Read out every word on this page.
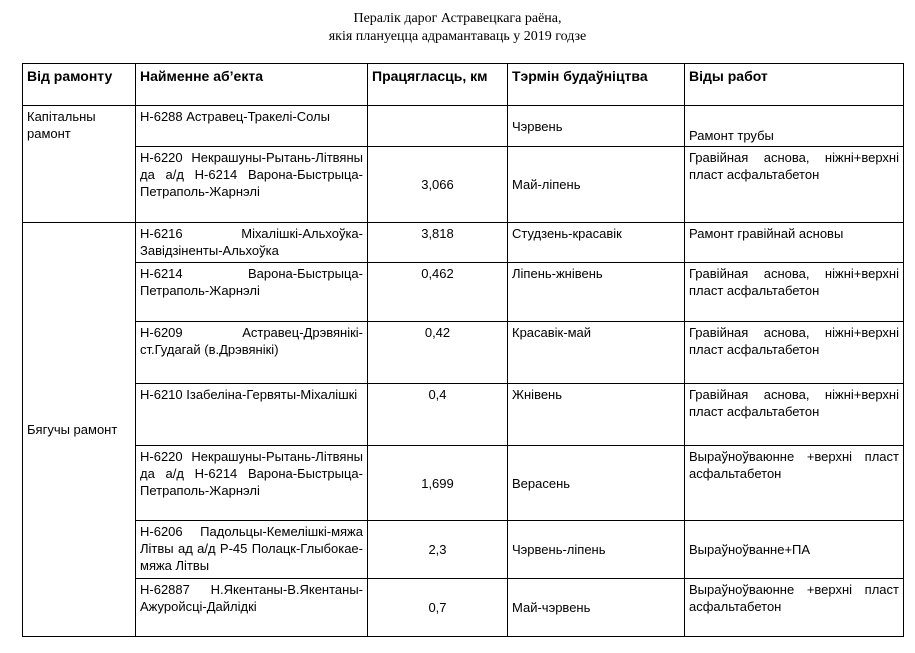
Пералік дарог Астравецкага раёна,
якія плануецца адрамантаваць у 2019 годзе
Від рамонту	Найменне аб’екта	Працягласць, км	Тэрмін будаўніцтва	Віды работ
Капітальны рамонт	Н-6288 Астравец-Тракелі-Солы		Чэрвень	Рамонт трубы
	Н-6220 Некрашуны-Рытань-Літвяны да а/д Н-6214 Варона-Быстрыца-Петраполь-Жарнэлі	3,066	Май-ліпень	Гравійная аснова, ніжні+верхні пласт асфальтабетон
Бягучы рамонт	Н-6216 Міхалішкі-Альхоўка-Завідзіненты-Альхоўка	3,818	Студзень-красавік	Рамонт гравійнай асновы
	Н-6214 Варона-Быстрыца-Петраполь-Жарнэлі	0,462	Ліпень-жнівень	Гравійная аснова, ніжні+верхні пласт асфальтабетон
	Н-6209 Астравец-Дрэвянікі-ст.Гудагай (в.Дрэвянікі)	0,42	Красавік-май	Гравійная аснова, ніжні+верхні пласт асфальтабетон
	Н-6210 Ізабеліна-Гервяты-Міхалішкі	0,4	Жнівень	Гравійная аснова, ніжні+верхні пласт асфальтабетон
	Н-6220 Некрашуны-Рытань-Літвяны да а/д Н-6214 Варона-Быстрыца-Петраполь-Жарнэлі	1,699	Верасень	Выраўноўваюнне +верхні пласт асфальтабетон
	Н-6206 Падольцы-Кемелішкі-мяжа Літвы ад а/д Р-45 Полацк-Глыбокае-мяжа Літвы	2,3	Чэрвень-ліпень	Выраўноўванне+ПА
	Н-62887 Н.Якентаны-В.Якентаны-Ажуройсці-Дайлідкі	0,7	Май-чэрвень	Выраўноўваюнне +верхні пласт асфальтабетон
